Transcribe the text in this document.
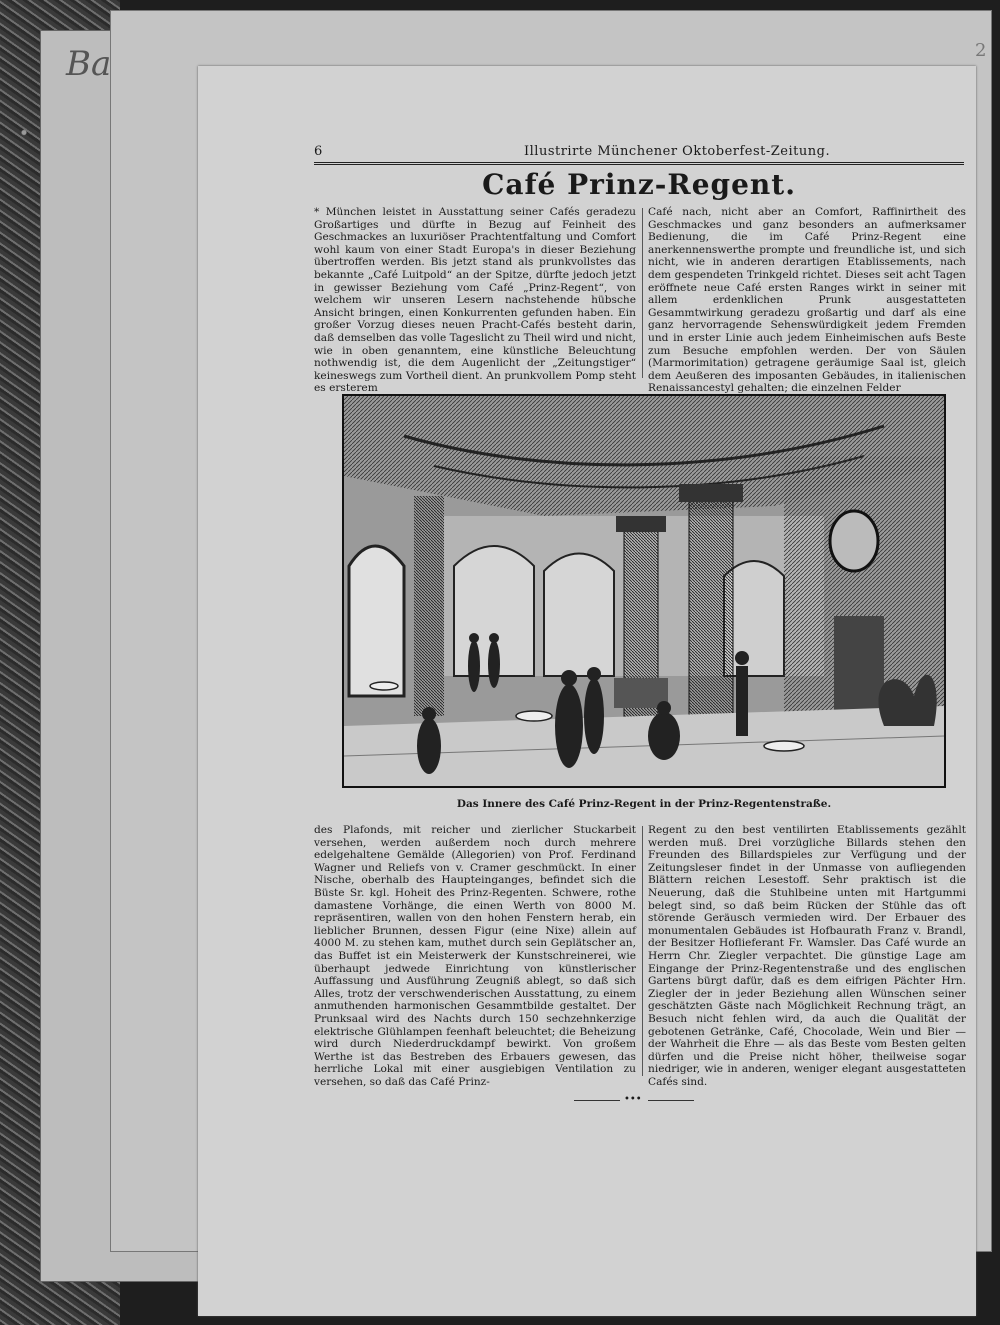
Ba	2
6	Illustrirte Münchener Oktoberfest-Zeitung.
Café Prinz-Regent.
* München leistet in Ausstattung seiner Cafés geradezu Großartiges und dürfte in Bezug auf Feinheit des Geschmackes an luxuriöser Prachtentfaltung und Comfort wohl kaum von einer Stadt Europa's in dieser Beziehung übertroffen werden. Bis jetzt stand als prunkvollstes das bekannte „Café Luitpold“ an der Spitze, dürfte jedoch jetzt in gewisser Beziehung vom Café „Prinz-Regent“, von welchem wir unseren Lesern nachstehende hübsche Ansicht bringen, einen Konkurrenten gefunden haben. Ein großer Vorzug dieses neuen Pracht-Cafés besteht darin, daß demselben das volle Tageslicht zu Theil wird und nicht, wie in oben genanntem, eine künstliche Beleuchtung nothwendig ist, die dem Augenlicht der „Zeitungstiger“ keineswegs zum Vortheil dient. An prunkvollem Pomp steht es ersterem
Café nach, nicht aber an Comfort, Raffinirtheit des Geschmackes und ganz besonders an aufmerksamer Bedienung, die im Café Prinz-Regent eine anerkennenswerthe prompte und freundliche ist, und sich nicht, wie in anderen derartigen Etablissements, nach dem gespendeten Trinkgeld richtet. Dieses seit acht Tagen eröffnete neue Café ersten Ranges wirkt in seiner mit allem erdenklichen Prunk ausgestatteten Gesammtwirkung geradezu großartig und darf als eine ganz hervorragende Sehenswürdigkeit jedem Fremden und in erster Linie auch jedem Einheimischen aufs Beste zum Besuche empfohlen werden. Der von Säulen (Marmorimitation) getragene geräumige Saal ist, gleich dem Aeußeren des imposanten Gebäudes, in italienischen Renaissancestyl gehalten; die einzelnen Felder
Das Innere des Café Prinz-Regent in der Prinz-Regentenstraße.
des Plafonds, mit reicher und zierlicher Stuckarbeit versehen, werden außerdem noch durch mehrere edelgehaltene Gemälde (Allegorien) von Prof. Ferdinand Wagner und Reliefs von v. Cramer geschmückt. In einer Nische, oberhalb des Haupteinganges, befindet sich die Büste Sr. kgl. Hoheit des Prinz-Regenten. Schwere, rothe damastene Vorhänge, die einen Werth von 8000 M. repräsentiren, wallen von den hohen Fenstern herab, ein lieblicher Brunnen, dessen Figur (eine Nixe) allein auf 4000 M. zu stehen kam, muthet durch sein Geplätscher an, das Buffet ist ein Meisterwerk der Kunstschreinerei, wie überhaupt jedwede Einrichtung von künstlerischer Auffassung und Ausführung Zeugniß ablegt, so daß sich Alles, trotz der verschwenderischen Ausstattung, zu einem anmuthenden harmonischen Gesammtbilde gestaltet. Der Prunksaal wird des Nachts durch 150 sechzehnkerzige elektrische Glühlampen feenhaft beleuchtet; die Beheizung wird durch Niederdruckdampf bewirkt. Von großem Werthe ist das Bestreben des Erbauers gewesen, das herrliche Lokal mit einer ausgiebigen Ventilation zu versehen, so daß das Café Prinz-
Regent zu den best ventilirten Etablissements gezählt werden muß. Drei vorzügliche Billards stehen den Freunden des Billardspieles zur Verfügung und der Zeitungsleser findet in der Unmasse von aufliegenden Blättern reichen Lesestoff. Sehr praktisch ist die Neuerung, daß die Stuhlbeine unten mit Hartgummi belegt sind, so daß beim Rücken der Stühle das oft störende Geräusch vermieden wird. Der Erbauer des monumentalen Gebäudes ist Hofbaurath Franz v. Brandl, der Besitzer Hoflieferant Fr. Wamsler. Das Café wurde an Herrn Chr. Ziegler verpachtet. Die günstige Lage am Eingange der Prinz-Regentenstraße und des englischen Gartens bürgt dafür, daß es dem eifrigen Pächter Hrn. Ziegler der in jeder Beziehung allen Wünschen seiner geschätzten Gäste nach Möglichkeit Rechnung trägt, an Besuch nicht fehlen wird, da auch die Qualität der gebotenen Getränke, Café, Chocolade, Wein und Bier — der Wahrheit die Ehre — als das Beste vom Besten gelten dürfen und die Preise nicht höher, theilweise sogar niedriger, wie in anderen, weniger elegant ausgestatteten Cafés sind.
•••
